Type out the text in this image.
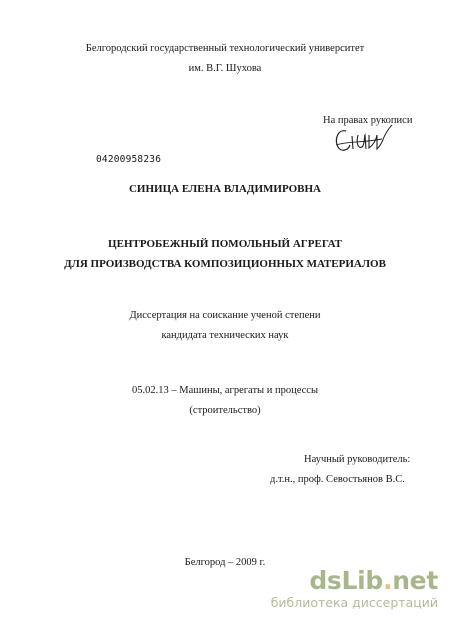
Белгородский государственный технологический университет
им. В.Г. Шухова
На правах рукописи
04200958236
СИНИЦА ЕЛЕНА ВЛАДИМИРОВНА
ЦЕНТРОБЕЖНЫЙ ПОМОЛЬНЫЙ АГРЕГАТ
ДЛЯ ПРОИЗВОДСТВА КОМПОЗИЦИОННЫХ МАТЕРИАЛОВ
Диссертация на соискание ученой степени
кандидата технических наук
05.02.13 – Машины, агрегаты и процессы
(строительство)
Научный руководитель:
д.т.н., проф. Севостьянов В.С.
Белгород – 2009 г.
dsLib.net
библиотека диссертаций
